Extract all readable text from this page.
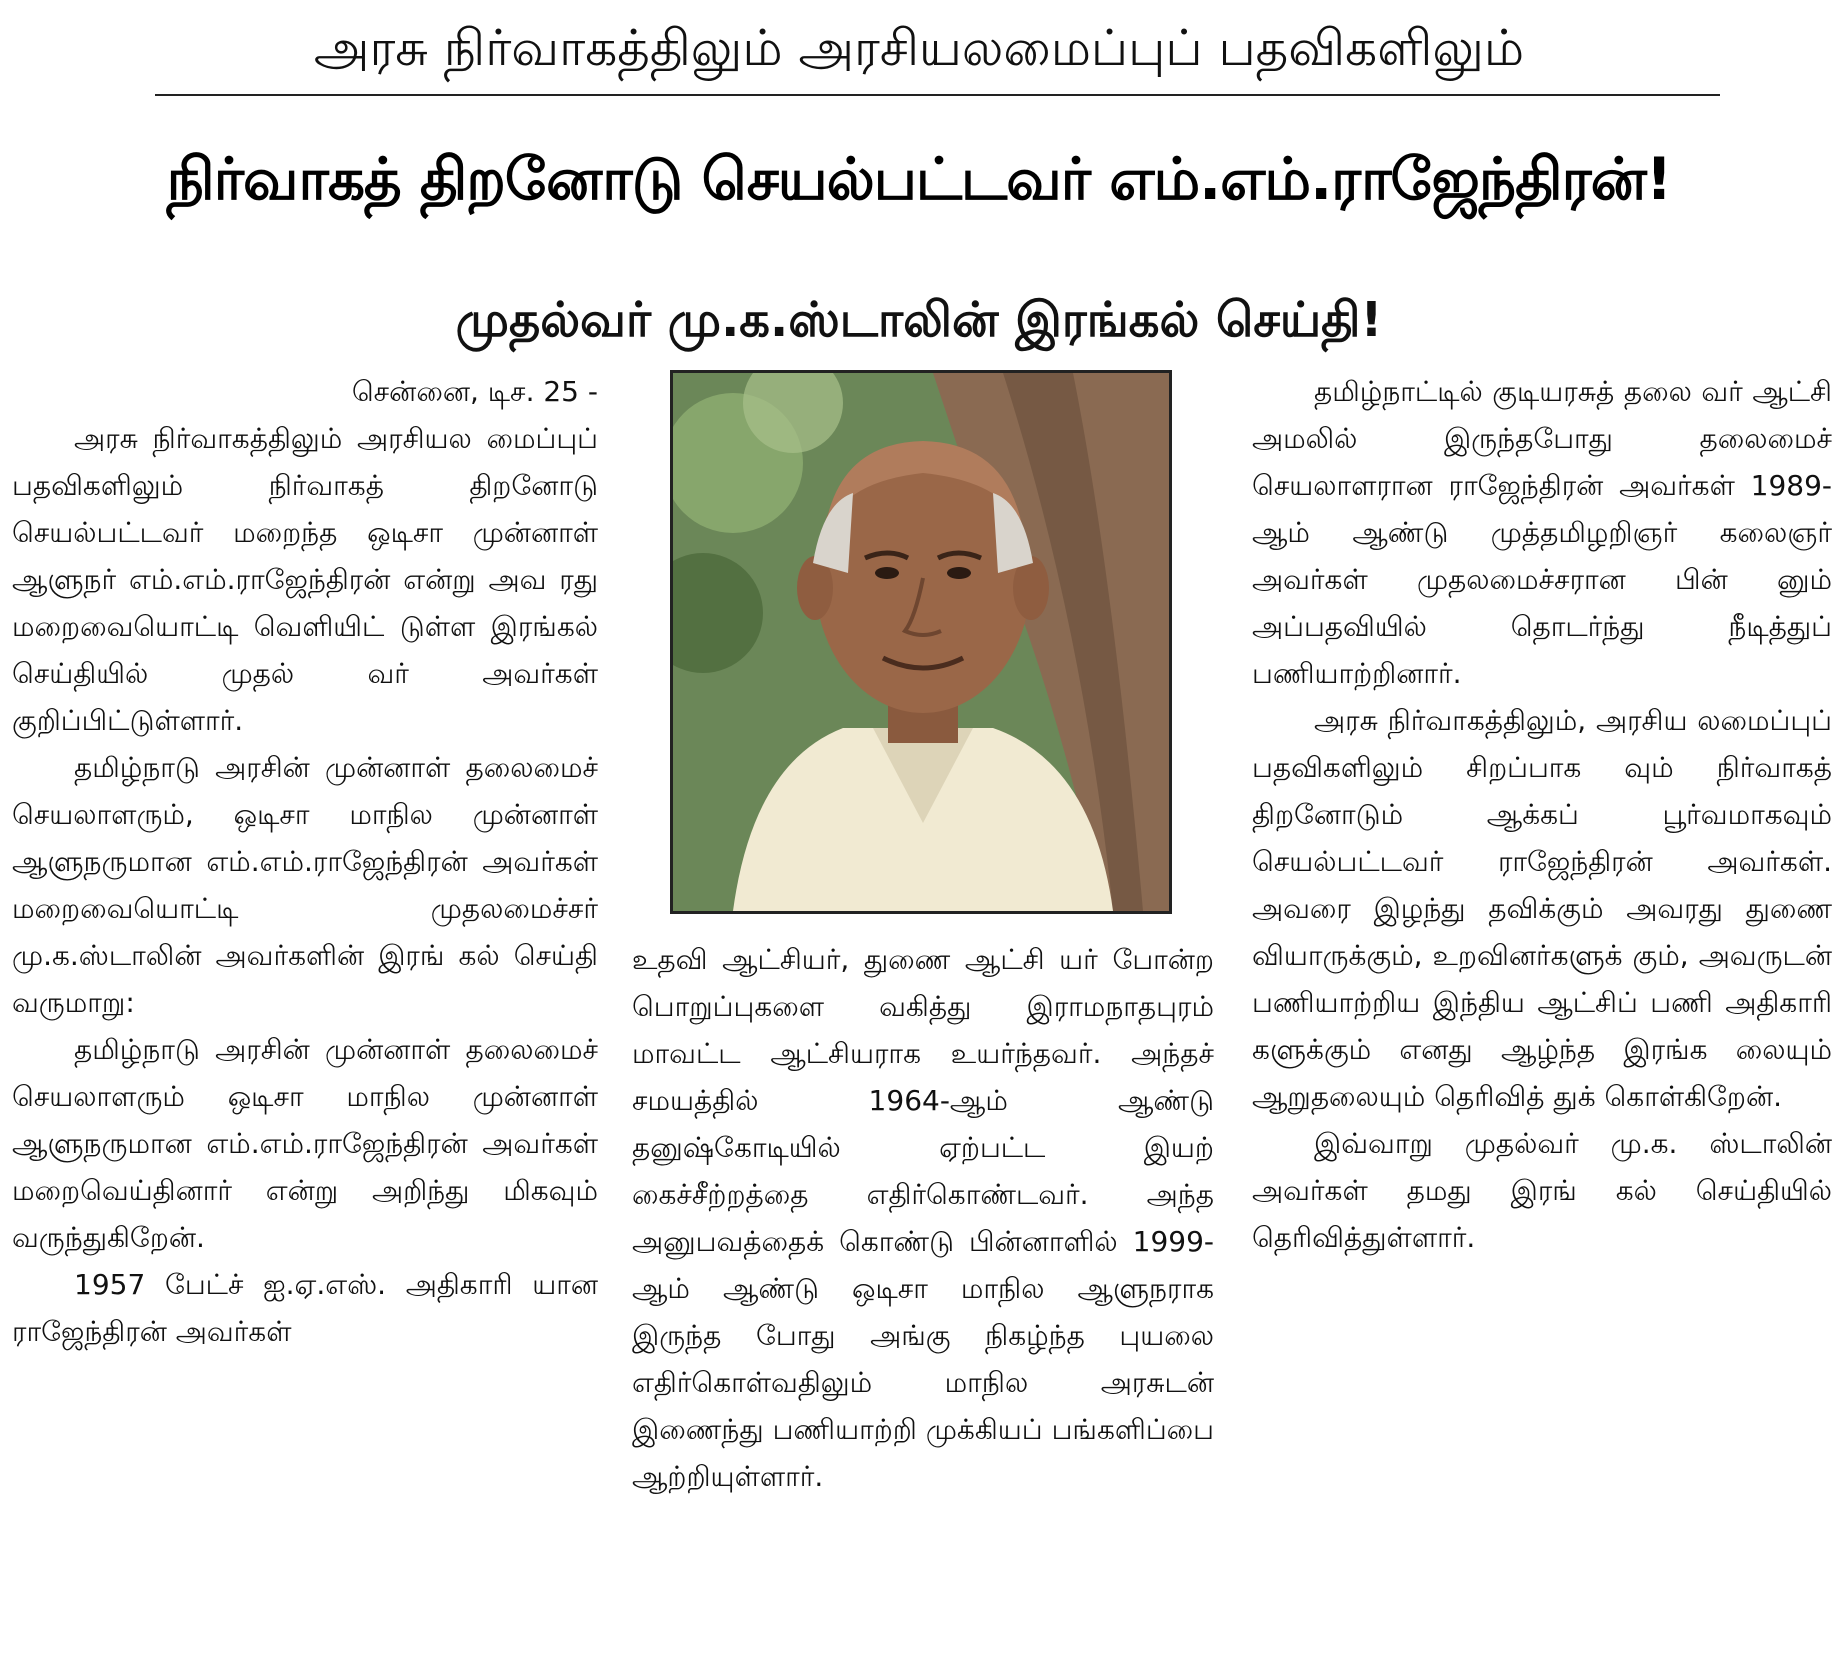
அரசு நிர்வாகத்திலும் அரசியலமைப்புப் பதவிகளிலும்
நிர்வாகத் திறனோடு செயல்பட்டவர் எம்.எம்.ராஜேந்திரன்!
முதல்வர் மு.க.ஸ்டாலின் இரங்கல் செய்தி!

சென்னை, டிச. 25 -

அரசு நிர்வாகத்திலும் அரசியல மைப்புப் பதவிகளிலும் நிர்வாகத் திறனோடு செயல்பட்டவர் மறைந்த ஒடிசா முன்னாள் ஆளுநர் எம்.எம்.ராஜேந்திரன் என்று அவ ரது மறைவையொட்டி வெளியிட் டுள்ள இரங்கல் செய்தியில் முதல் வர் அவர்கள் குறிப்பிட்டுள்ளார்.

தமிழ்நாடு அரசின் முன்னாள் தலைமைச் செயலாளரும், ஒடிசா மாநில முன்னாள் ஆளுநருமான எம்.எம்.ராஜேந்திரன் அவர்கள் மறைவையொட்டி முதலமைச்சர் மு.க.ஸ்டாலின் அவர்களின் இரங் கல் செய்தி வருமாறு:

தமிழ்நாடு அரசின் முன்னாள் தலைமைச் செயலாளரும் ஒடிசா மாநில முன்னாள் ஆளுநருமான எம்.எம்.ராஜேந்திரன் அவர்கள் மறைவெய்தினார் என்று அறிந்து மிகவும் வருந்துகிறேன்.

1957 பேட்ச் ஐ.ஏ.எஸ். அதிகாரி யான ராஜேந்திரன் அவர்கள்

உதவி ஆட்சியர், துணை ஆட்சி யர் போன்ற பொறுப்புகளை வகித்து இராமநாதபுரம் மாவட்ட ஆட்சியராக உயர்ந்தவர். அந்தச் சமயத்தில் 1964-ஆம் ஆண்டு தனுஷ்கோடியில் ஏற்பட்ட இயற் கைச்சீற்றத்தை எதிர்கொண்டவர். அந்த அனுபவத்தைக் கொண்டு பின்னாளில் 1999-ஆம் ஆண்டு ஒடிசா மாநில ஆளுநராக இருந்த போது அங்கு நிகழ்ந்த புயலை எதிர்கொள்வதிலும் மாநில அரசுடன் இணைந்து பணியாற்றி முக்கியப் பங்களிப்பை ஆற்றியுள்ளார்.

தமிழ்நாட்டில் குடியரசுத் தலை வர் ஆட்சி அமலில் இருந்தபோது தலைமைச் செயலாளரான ராஜேந்திரன் அவர்கள் 1989-ஆம் ஆண்டு முத்தமிழறிஞர் கலைஞர் அவர்கள் முதலமைச்சரான பின் னும் அப்பதவியில் தொடர்ந்து நீடித்துப் பணியாற்றினார்.

அரசு நிர்வாகத்திலும், அரசிய லமைப்புப் பதவிகளிலும் சிறப்பாக வும் நிர்வாகத் திறனோடும் ஆக்கப் பூர்வமாகவும் செயல்பட்டவர் ராஜேந்திரன் அவர்கள். அவரை இழந்து தவிக்கும் அவரது துணை வியாருக்கும், உறவினர்களுக் கும், அவருடன் பணியாற்றிய இந்திய ஆட்சிப் பணி அதிகாரி களுக்கும் எனது ஆழ்ந்த இரங்க லையும் ஆறுதலையும் தெரிவித் துக் கொள்கிறேன்.

இவ்வாறு முதல்வர் மு.க. ஸ்டாலின் அவர்கள் தமது இரங் கல் செய்தியில் தெரிவித்துள்ளார்.
